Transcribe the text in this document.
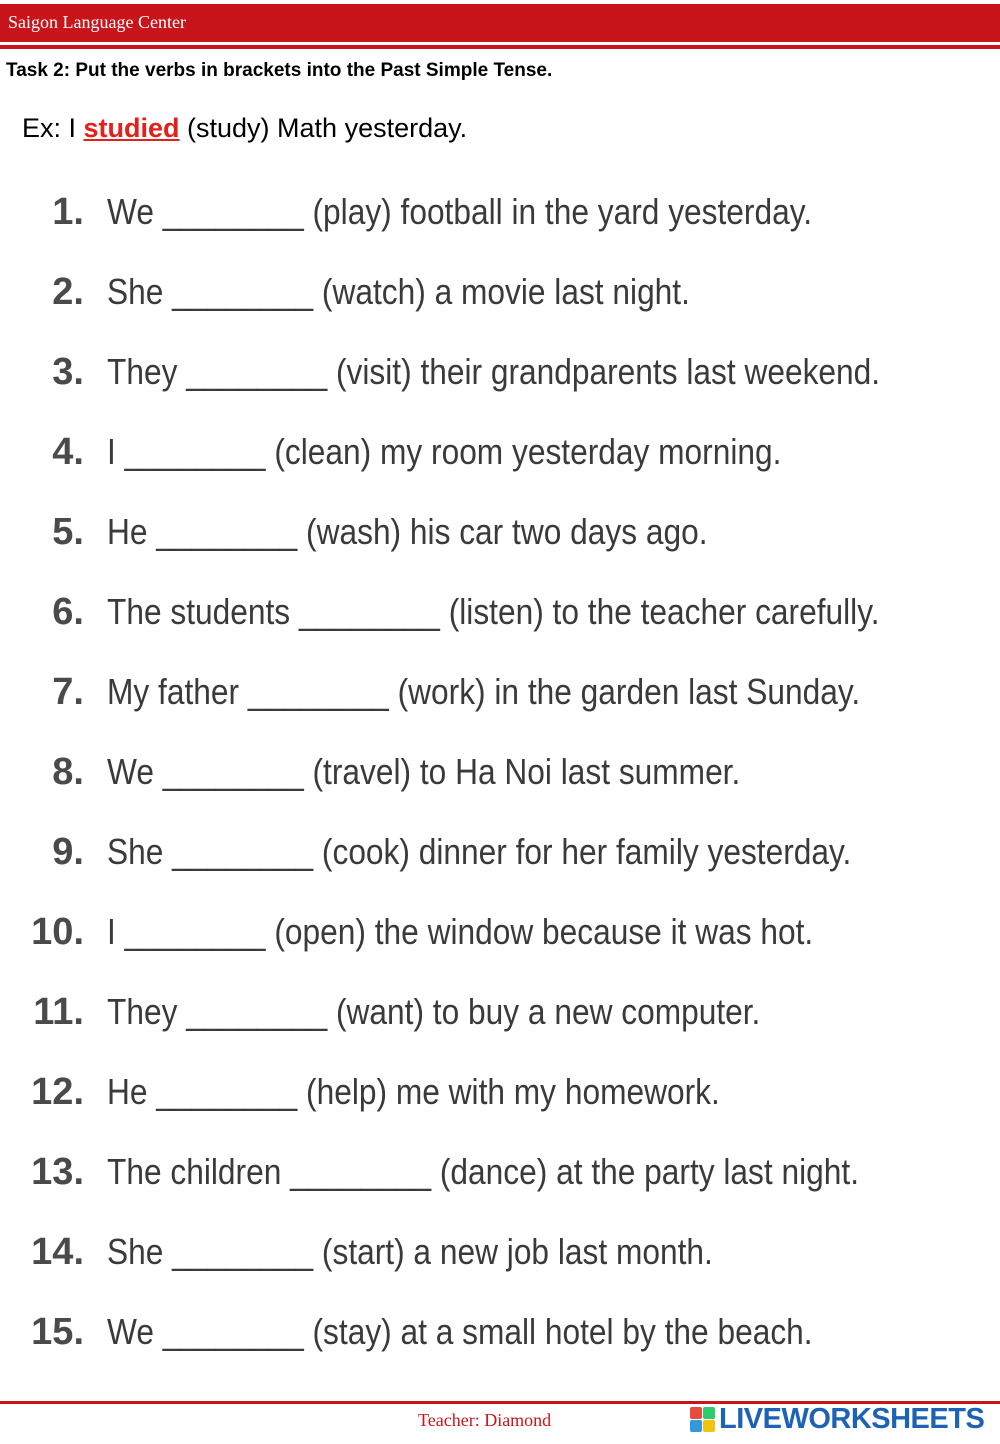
Saigon Language Center
Task 2: Put the verbs in brackets into the Past Simple Tense.
Ex: I studied (study) Math yesterday.
1. We ________ (play) football in the yard yesterday.
2. She ________ (watch) a movie last night.
3. They ________ (visit) their grandparents last weekend.
4. I ________ (clean) my room yesterday morning.
5. He ________ (wash) his car two days ago.
6. The students ________ (listen) to the teacher carefully.
7. My father ________ (work) in the garden last Sunday.
8. We ________ (travel) to Ha Noi last summer.
9. She ________ (cook) dinner for her family yesterday.
10. I ________ (open) the window because it was hot.
11. They ________ (want) to buy a new computer.
12. He ________ (help) me with my homework.
13. The children ________ (dance) at the party last night.
14. She ________ (start) a new job last month.
15. We ________ (stay) at a small hotel by the beach.
Teacher: Diamond	LIVEWORKSHEETS
